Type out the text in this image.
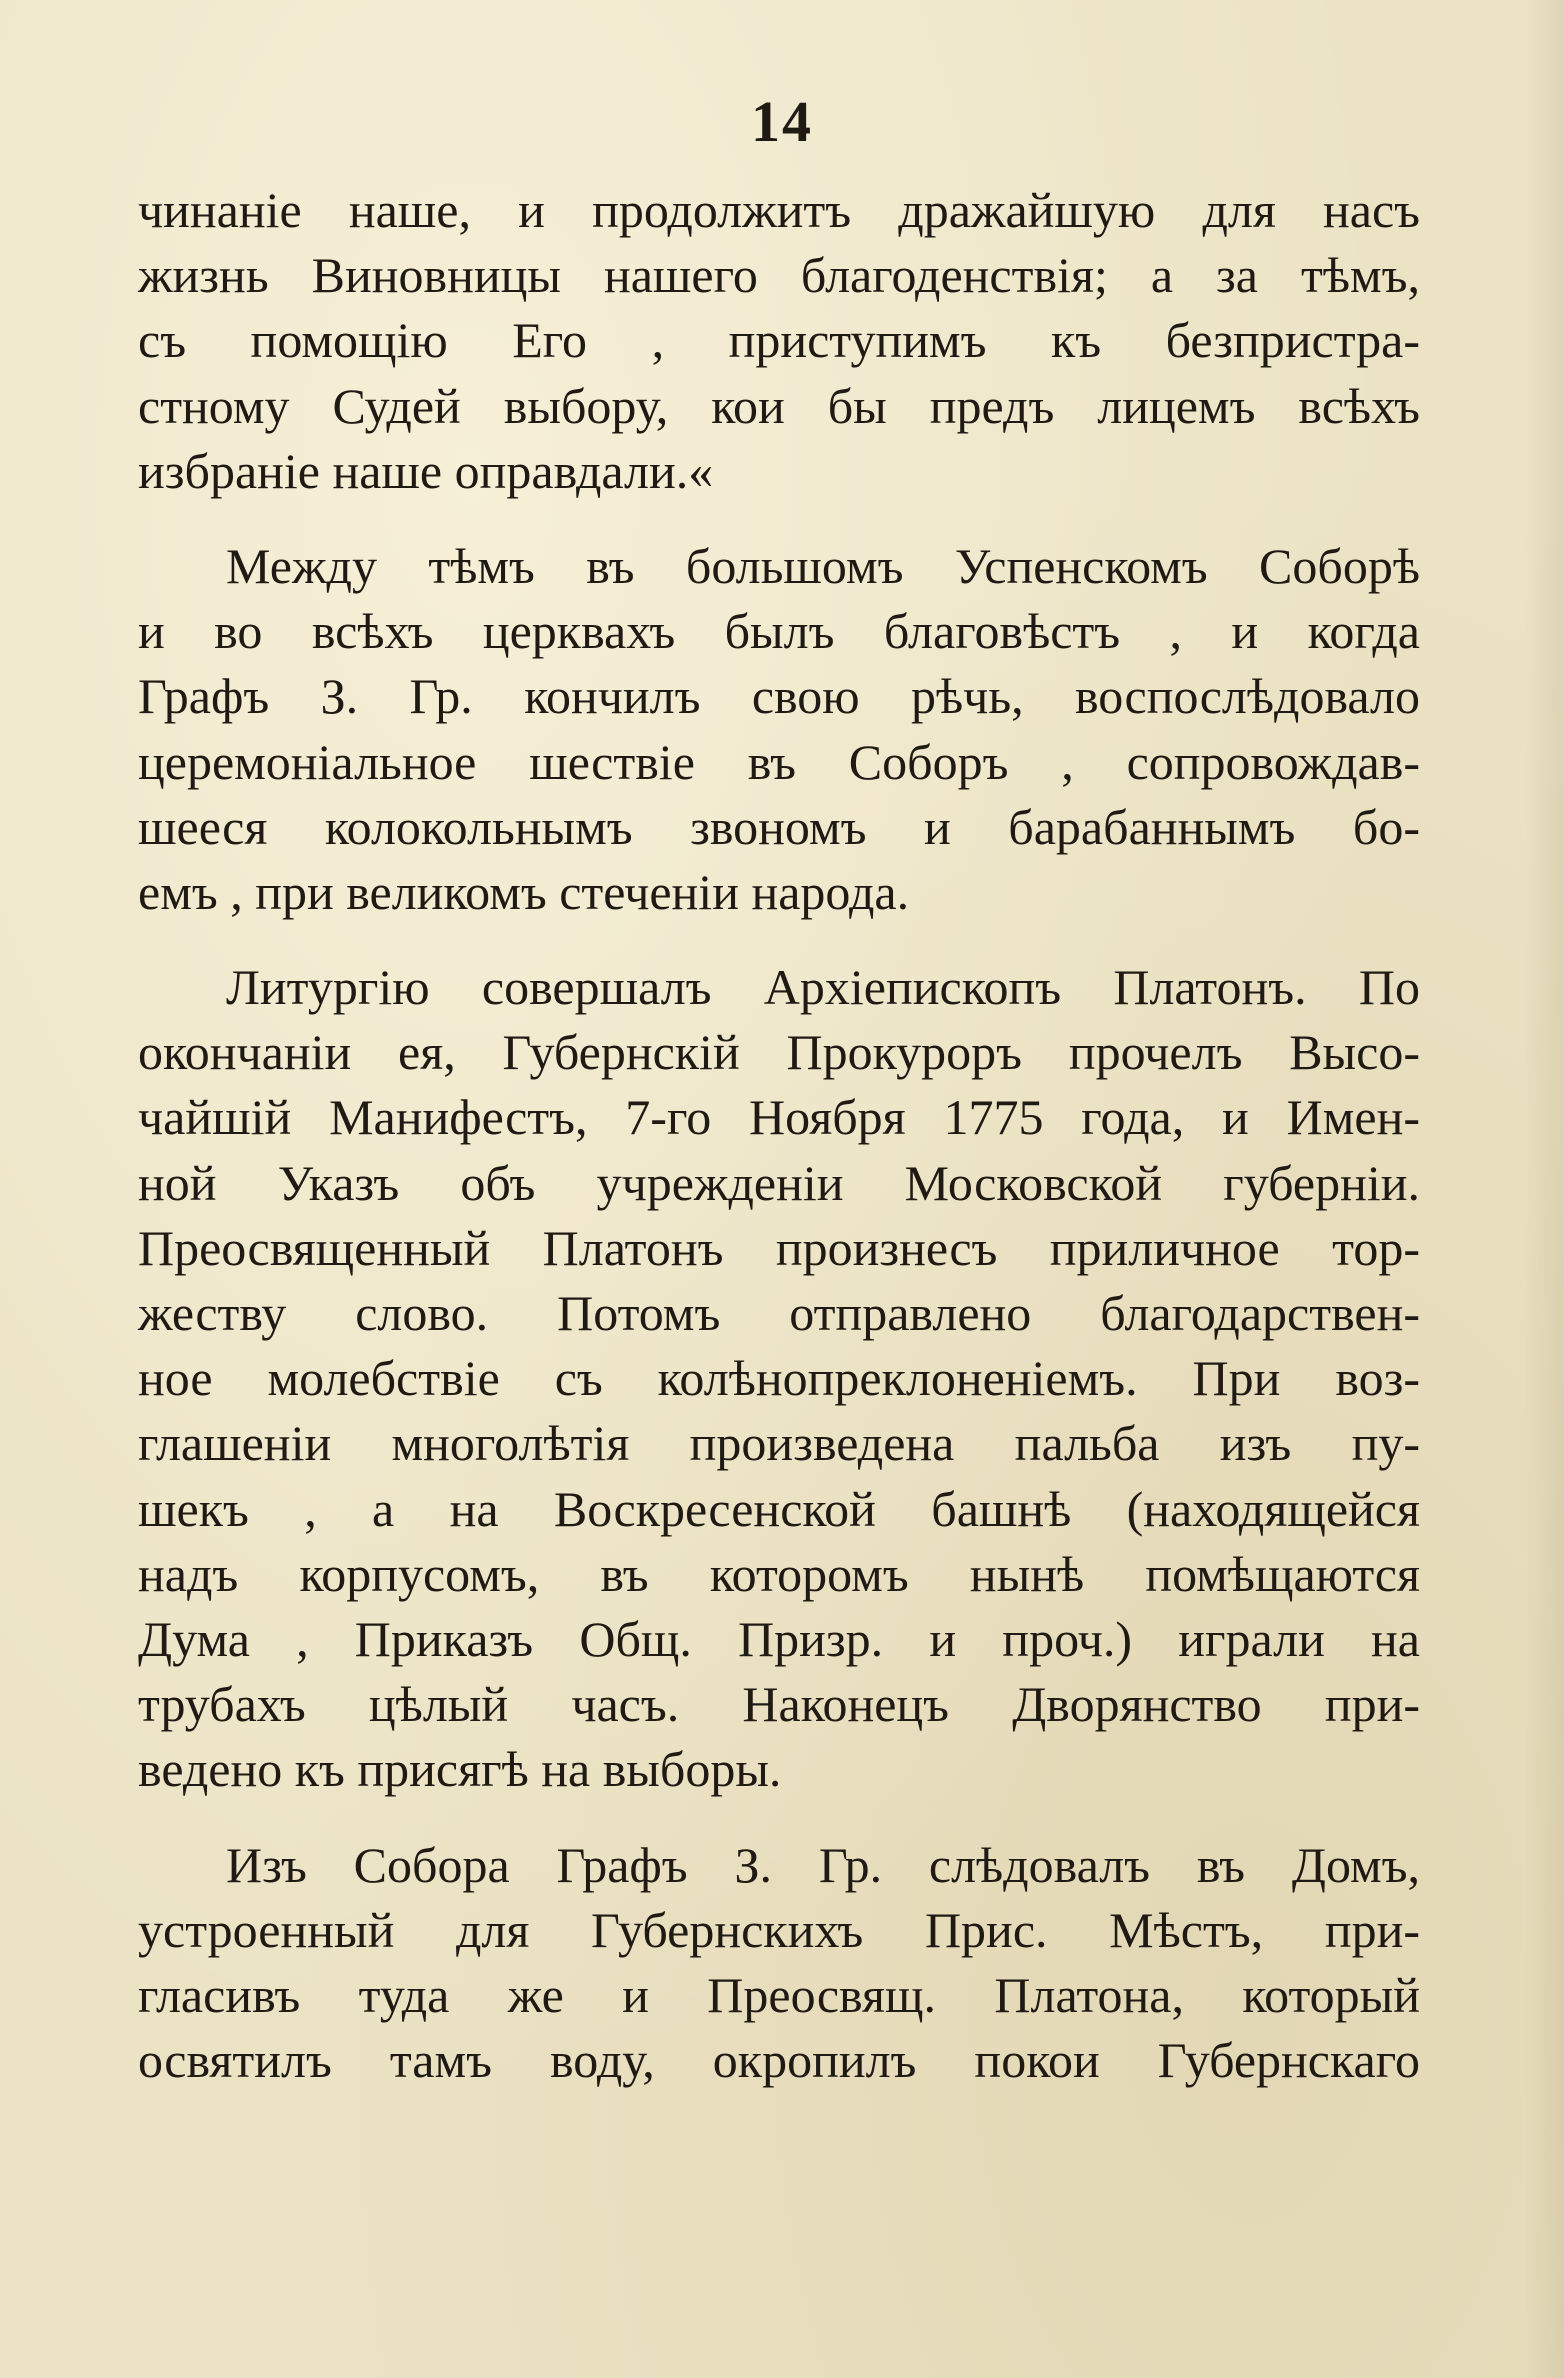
14

чинаніе наше, и продолжитъ дражайшую для насъ
жизнь Виновницы нашего благоденствія; а за тѣмъ,
съ помощію Его , приступимъ къ безпристра-
стному Судей выбору, кои бы предъ лицемъ всѣхъ
избраніе наше оправдали.«

Между тѣмъ въ большомъ Успенскомъ Соборѣ
и во всѣхъ церквахъ былъ благовѣстъ , и когда
Графъ З. Гр. кончилъ свою рѣчь, воспослѣдовало
церемоніальное шествіе въ Соборъ , сопровождав-
шееся колокольнымъ звономъ и барабаннымъ бо-
емъ , при великомъ стеченіи народа.

Литургію совершалъ Архіепископъ Платонъ. По
окончаніи ея, Губернскій Прокуроръ прочелъ Высо-
чайшій Манифестъ, 7-го Ноября 1775 года, и Имен-
ной Указъ объ учрежденіи Московской губерніи.
Преосвященный Платонъ произнесъ приличное тор-
жеству слово. Потомъ отправлено благодарствен-
ное молебствіе съ колѣнопреклоненіемъ. При воз-
глашеніи многолѣтія произведена пальба изъ пу-
шекъ , а на Воскресенской башнѣ (находящейся
надъ корпусомъ, въ которомъ нынѣ помѣщаются
Дума , Приказъ Общ. Призр. и проч.) играли на
трубахъ цѣлый часъ. Наконецъ Дворянство при-
ведено къ присягѣ на выборы.

Изъ Собора Графъ З. Гр. слѣдовалъ въ Домъ,
устроенный для Губернскихъ Прис. Мѣстъ, при-
гласивъ туда же и Преосвящ. Платона, который
освятилъ тамъ воду, окропилъ покои Губернскаго
